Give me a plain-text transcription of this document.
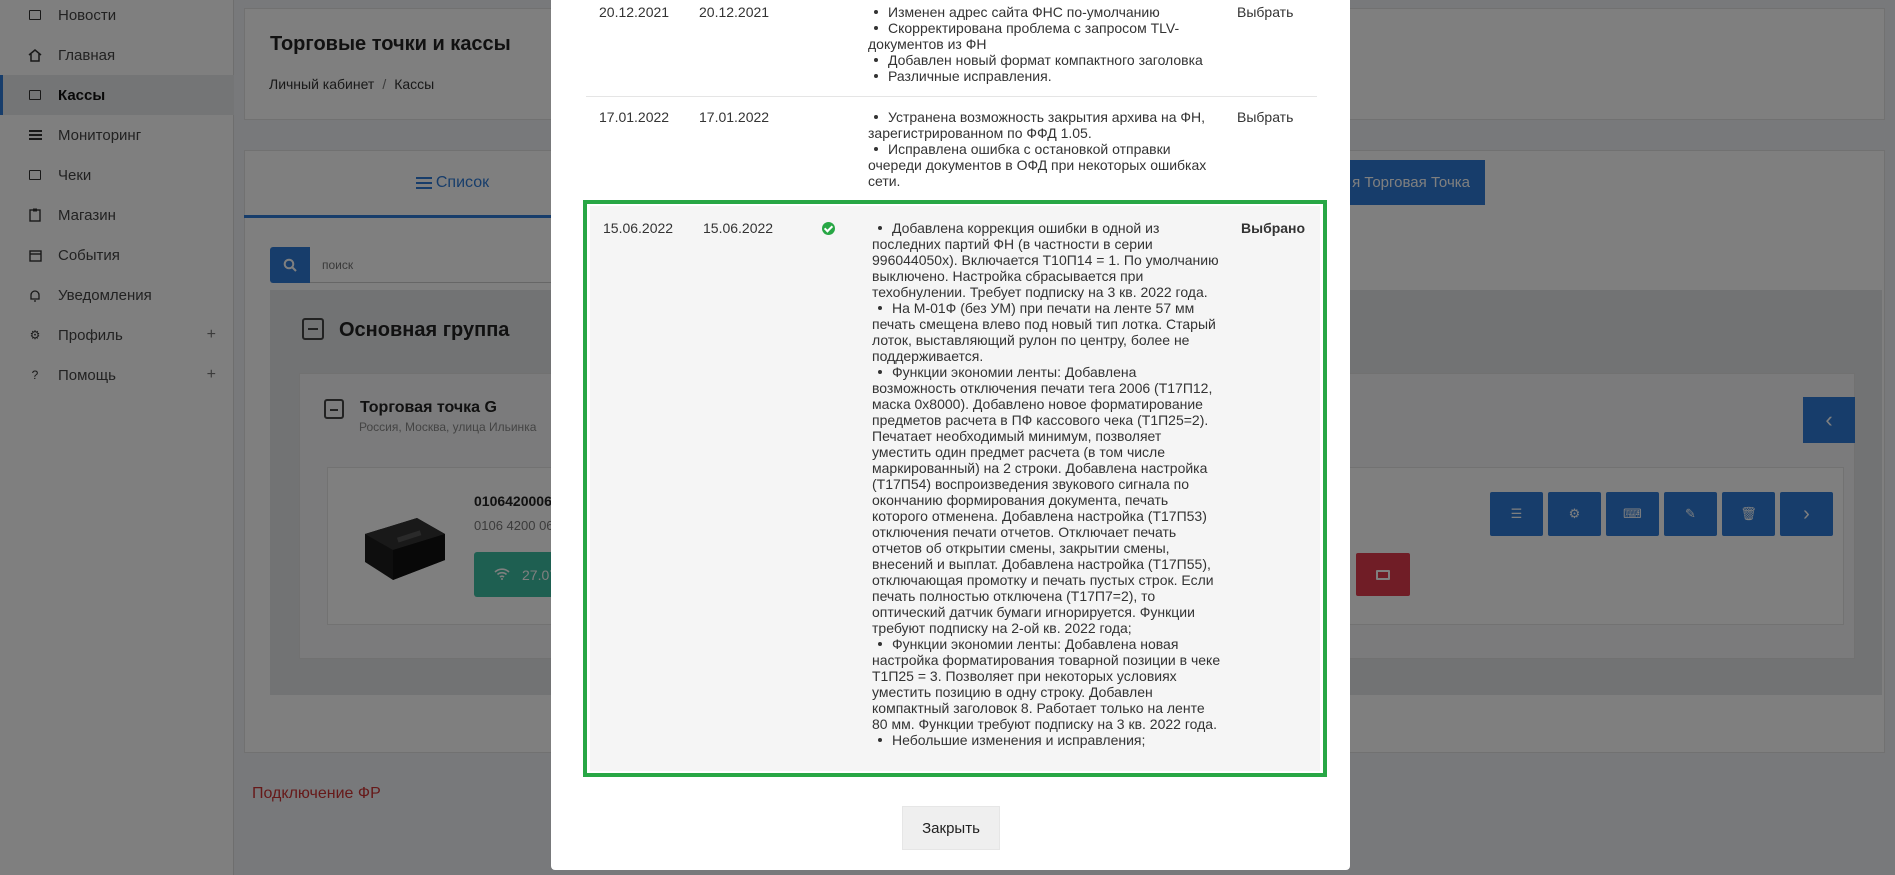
поиск
20.12.2021 20.12.2021	Изменен адрес сайта ФНС по-умолчанию
Скорректирована проблема с запросом TLV-документов из ФН
Добавлен новый формат компактного заголовка
Различные исправления.
Выбрать
17.01.2022 17.01.2022	Устранена возможность закрытия архива на ФН, зарегистрированном по ФФД 1.05.
Исправлена ошибка с остановкой отправки очереди документов в ОФД при некоторых ошибках сети.
Выбрать
15.06.2022 15.06.2022	Добавлена коррекция ошибки в одной из последних партий ФН (в частности в серии 996044050х). Включается Т10П14 = 1. По умолчанию выключено. Настройка сбрасывается при техобнулении. Требует подписку на 3 кв. 2022 года.
На М-01Ф (без УМ) при печати на ленте 57 мм печать смещена влево под новый тип лотка. Старый лоток, выставляющий рулон по центру, более не поддерживается.
Функции экономии ленты: Добавлена возможность отключения печати тега 2006 (Т17П12, маска 0x8000). Добавлено новое форматирование предметов расчета в ПФ кассового чека (Т1П25=2). Печатает необходимый минимум, позволяет уместить один предмет расчета (в том числе маркированный) на 2 строки. Добавлена настройка (Т17П54) воспроизведения звукового сигнала по окончанию формирования документа, печать которого отменена. Добавлена настройка (Т17П53) отключения печати отчетов. Отключает печать отчетов об открытии смены, закрытии смены, внесений и выплат. Добавлена настройка (Т17П55), отключающая промотку и печать пустых строк. Если печать полностью отключена (Т17П7=2), то оптический датчик бумаги игнорируется. Функции требуют подписку на 2-ой кв. 2022 года;
Функции экономии ленты: Добавлена новая настройка форматирования товарной позиции в чеке Т1П25 = 3. Позволяет при некоторых условиях уместить позицию в одну строку. Добавлен компактный заголовок 8. Работает только на ленте 80 мм. Функции требуют подписку на 3 кв. 2022 года.
Небольшие изменения и исправления;
Выбрано
Закрыть
